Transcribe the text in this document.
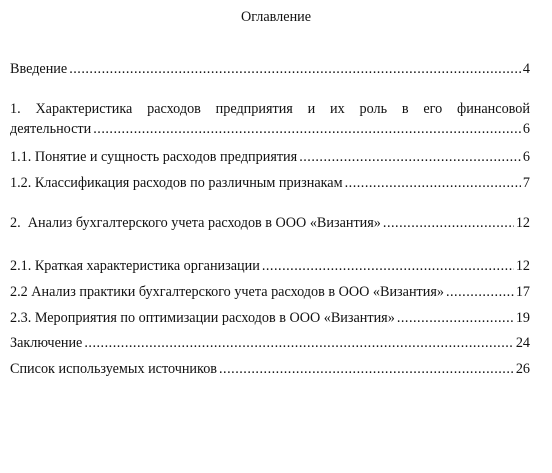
Оглавление
Введение .....	4
1. Характеристика расходов предприятия и их роль в его финансовой
деятельности .....	6
1.1. Понятие и сущность расходов предприятия .....	6
1.2. Классификация расходов по различным признакам .....	7
2.  Анализ бухгалтерского учета расходов в ООО «Византия» .....	12
2.1. Краткая характеристика организации .....	12
2.2 Анализ практики бухгалтерского учета расходов в ООО «Византия» .....	17
2.3. Мероприятия по оптимизации расходов в ООО «Византия» .....	19
Заключение .....	24
Список используемых источников .....	26
